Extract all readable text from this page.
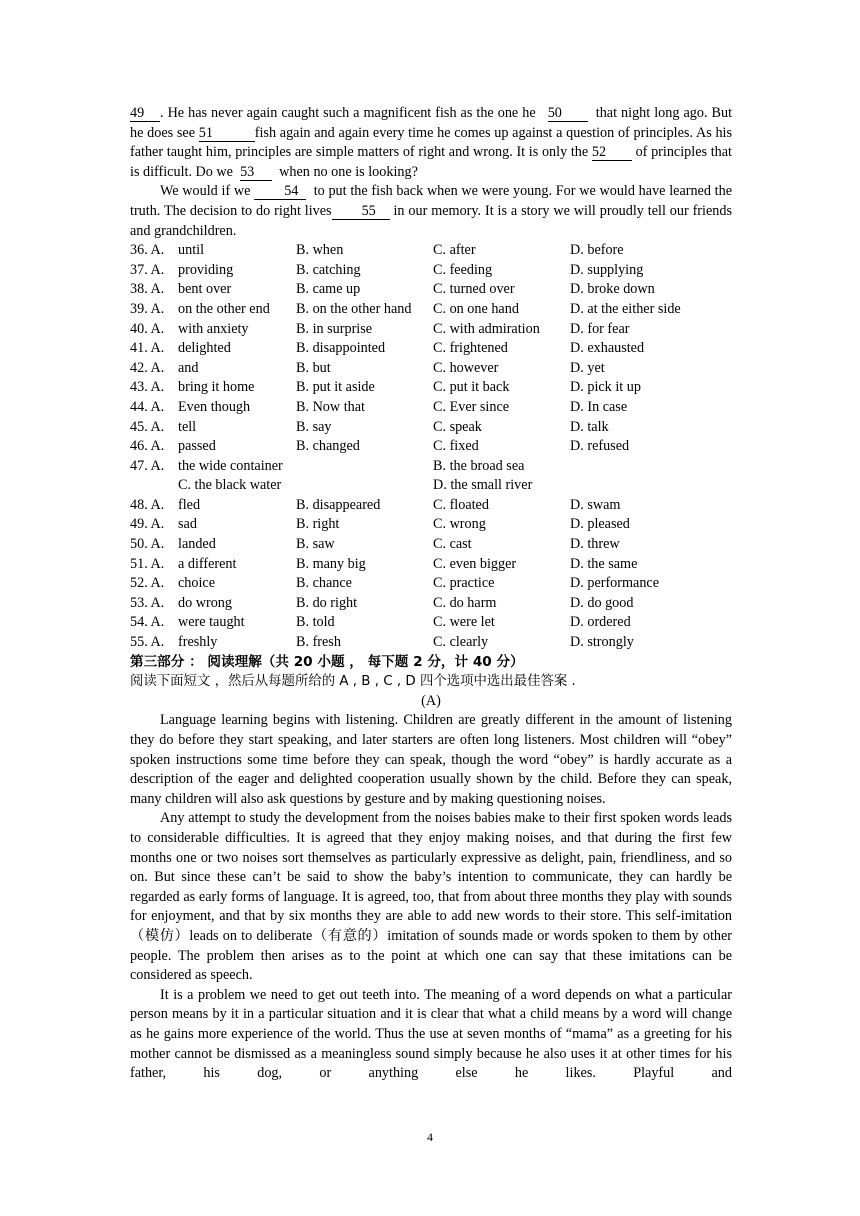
49 . He has never again caught such a magnificent fish as the one he 50 that night long ago. But he does see 51	fish again and again every time he comes up against a question of principles. As his father taught him, principles are simple matters of right and wrong. It is only the 52 of principles that is difficult. Do we 53 when no one is looking?

We would if we 54 to put the fish back when we were young. For we would have learned the truth. The decision to do right lives 55 in our memory. It is a story we will proudly tell our friends and grandchildren.

36. A. until	B. when	C. after	D. before
37. A. providing	B. catching	C. feeding	D. supplying
38. A. bent over	B. came up	C. turned over	D. broke down
39. A. on the other end	B. on the other hand	C. on one hand	D. at the either side
40. A. with anxiety	B. in surprise	C. with admiration	D. for fear
41. A. delighted	B. disappointed	C. frightened	D. exhausted
42. A. and	B. but	C. however	D. yet
43. A. bring it home	B. put it aside	C. put it back	D. pick it up
44. A. Even though	B. Now that	C. Ever since	D. In case
45. A. tell	B. say	C. speak	D. talk
46. A. passed	B. changed	C. fixed	D. refused
47. A. the wide container	B. the broad sea
C. the black water	D. the small river
48. A. fled	B. disappeared	C. floated	D. swam
49. A. sad	B. right	C. wrong	D. pleased
50. A. landed	B. saw	C. cast	D. threw
51. A. a different	B. many big	C. even bigger	D. the same
52. A. choice	B. chance	C. practice	D. performance
53. A. do wrong	B. do right	C. do harm	D. do good
54. A. were taught	B. told	C. were let	D. ordered
55. A. freshly	B. fresh	C. clearly	D. strongly

第三部分 ： 阅读理解（共 20 小题 ， 每下题 2 分，计 40 分）

阅读下面短文 ，然后从每题所给的 A , B , C , D 四个选项中选出最佳答案 .

(A)

Language learning begins with listening. Children are greatly different in the amount of listening they do before they start speaking, and later starters are often long listeners. Most children will “obey” spoken instructions some time before they can speak, though the word “obey” is hardly accurate as a description of the eager and delighted cooperation usually shown by the child. Before they can speak, many children will also ask questions by gesture and by making questioning noises.

Any attempt to study the development from the noises babies make to their first spoken words leads to considerable difficulties. It is agreed that they enjoy making noises, and that during the first few months one or two noises sort themselves as particularly expressive as delight, pain, friendliness, and so on. But since these can’t be said to show the baby’s intention to communicate, they can hardly be regarded as early forms of language. It is agreed, too, that from about three months they play with sounds for enjoyment, and that by six months they are able to add new words to their store. This self-imitation（模仿）leads on to deliberate（有意的）imitation of sounds made or words spoken to them by other people. The problem then arises as to the point at which one can say that these imitations can be considered as speech.

It is a problem we need to get out teeth into. The meaning of a word depends on what a particular person means by it in a particular situation and it is clear that what a child means by a word will change as he gains more experience of the world. Thus the use at seven months of “mama” as a greeting for his mother cannot be dismissed as a meaningless sound simply because he also uses it at other times for his father, his dog, or anything else he likes. Playful and

4
